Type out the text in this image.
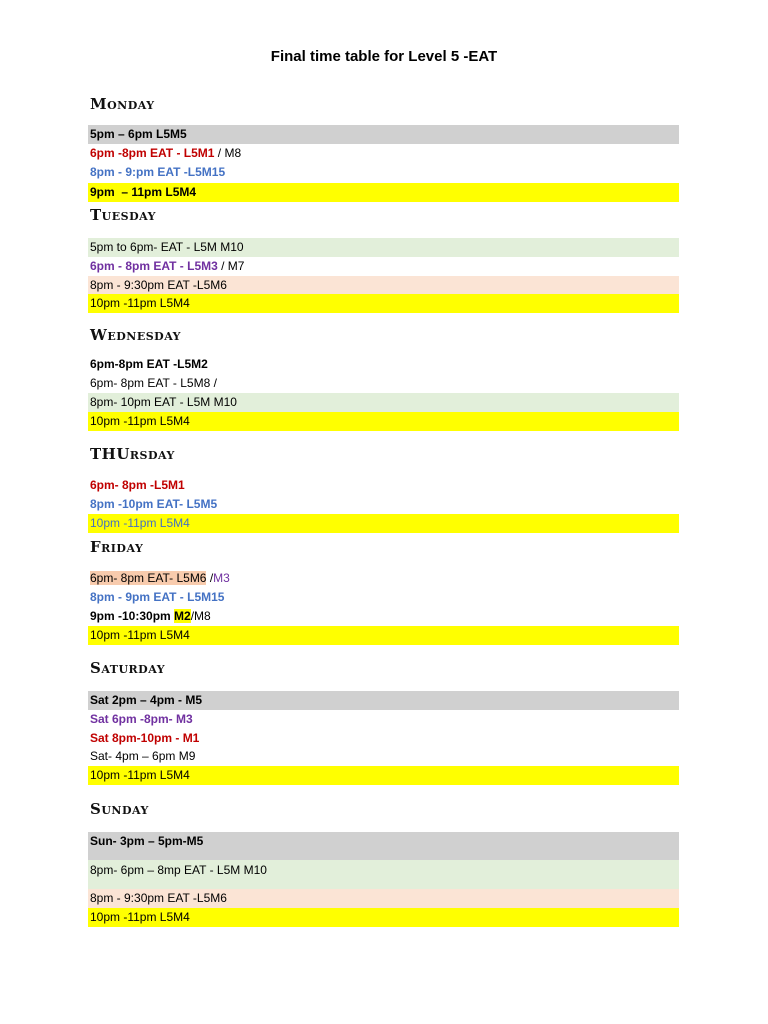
Final time table for Level 5 -EAT
Monday
5pm – 6pm L5M5
6pm -8pm EAT - L5M1 / M8
8pm - 9:pm EAT -L5M15
9pm  – 11pm L5M4
Tuesday
5pm to 6pm- EAT - L5M M10
6pm - 8pm EAT - L5M3 / M7
8pm - 9:30pm EAT -L5M6
10pm -11pm L5M4
Wednesday
6pm-8pm EAT -L5M2
6pm- 8pm EAT - L5M8 /
8pm- 10pm EAT - L5M M10
10pm -11pm L5M4
THUrsday
6pm- 8pm -L5M1
8pm -10pm EAT- L5M5
10pm -11pm L5M4
Friday
6pm- 8pm EAT- L5M6 /M3
8pm - 9pm EAT - L5M15
9pm -10:30pm M2/M8
10pm -11pm L5M4
Saturday
Sat 2pm – 4pm - M5
Sat 6pm -8pm- M3
Sat 8pm-10pm - M1
Sat- 4pm – 6pm M9
10pm -11pm L5M4
Sunday
Sun- 3pm – 5pm-M5
8pm- 6pm – 8mp EAT - L5M M10
8pm - 9:30pm EAT -L5M6
10pm -11pm L5M4
